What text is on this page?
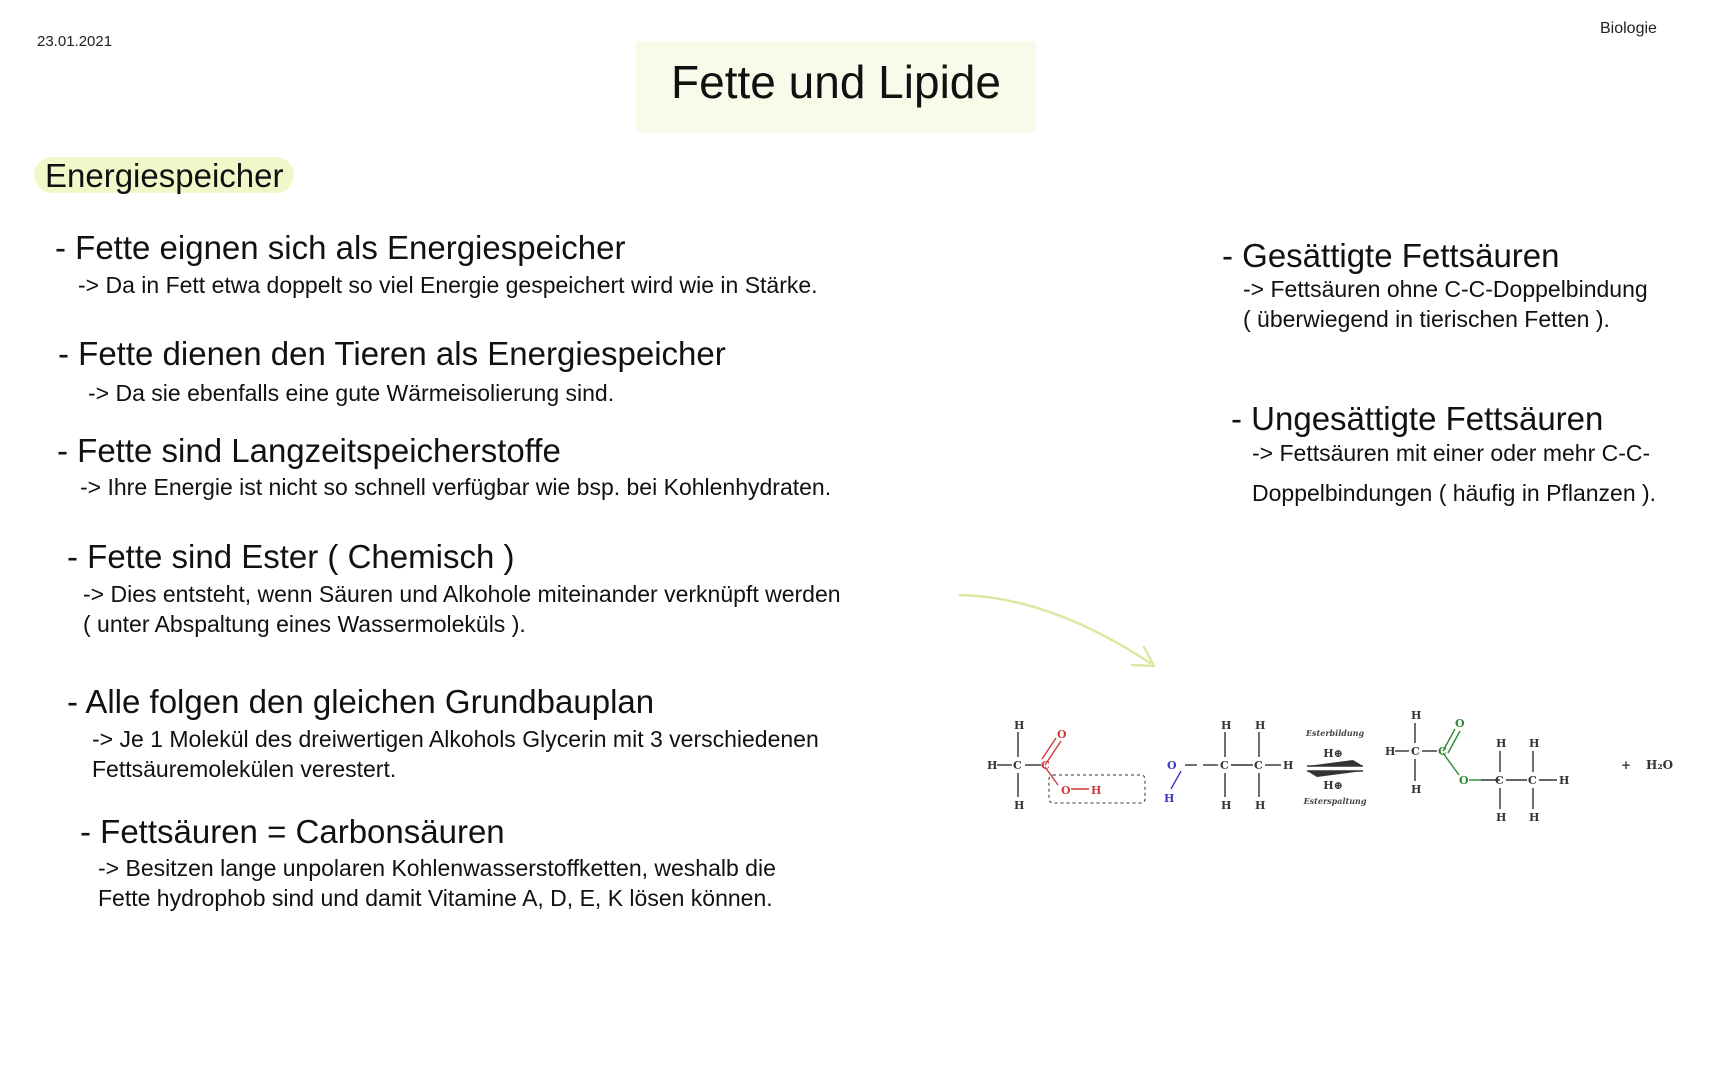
23.01.2021
Biologie
Fette und Lipide
Energiespeicher
- Fette eignen sich als Energiespeicher
-> Da in Fett etwa doppelt so viel Energie gespeichert wird wie in Stärke.
- Fette dienen den Tieren als Energiespeicher
-> Da sie ebenfalls eine gute Wärmeisolierung sind.
- Fette sind Langzeitspeicherstoffe
-> Ihre Energie ist nicht so schnell verfügbar wie bsp. bei Kohlenhydraten.
- Fette sind Ester ( Chemisch )
-> Dies entsteht, wenn Säuren und Alkohole miteinander verknüpft werden
( unter Abspaltung eines Wassermoleküls ).
- Alle folgen den gleichen Grundbauplan
-> Je 1 Molekül des dreiwertigen Alkohols Glycerin mit 3 verschiedenen
Fettsäuremolekülen verestert.
- Fettsäuren = Carbonsäuren
-> Besitzen lange unpolaren Kohlenwasserstoffketten, weshalb die
Fette hydrophob sind und damit Vitamine A, D, E, K lösen können.
- Gesättigte Fettsäuren
-> Fettsäuren ohne C-C-Doppelbindung
( überwiegend in tierischen Fetten ).
- Ungesättigte Fettsäuren
-> Fettsäuren mit einer oder mehr C-C-
Doppelbindungen ( häufig in Pflanzen ).
H C
H
H
C C
H
H
H
H
H
H C
H
H
C C
H H
H H
H
C
O
O H
H
O
C
O
O
Esterbildung
H⊕
H⊕
Esterspaltung
+ H₂O
